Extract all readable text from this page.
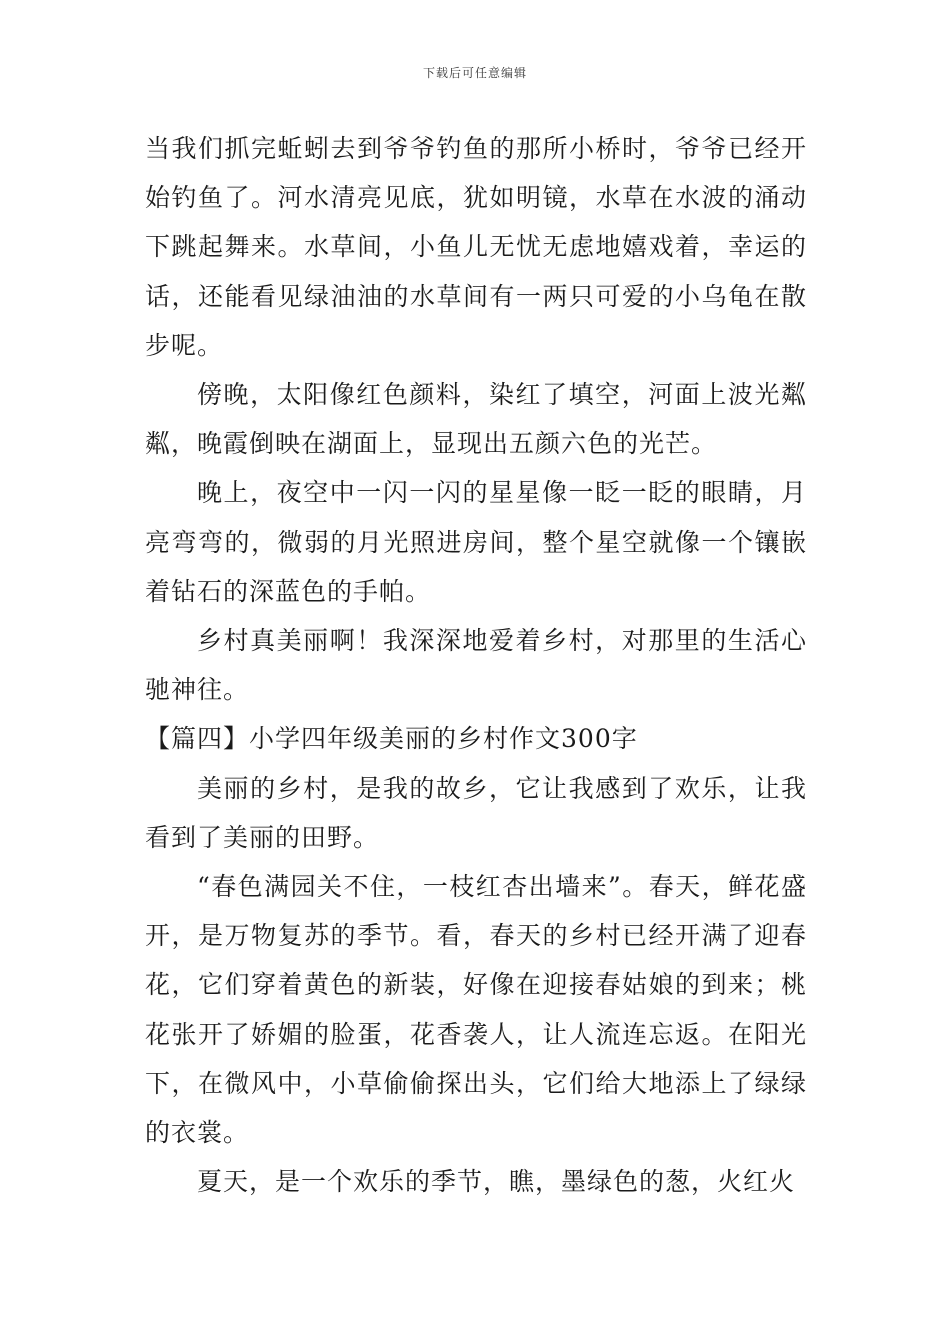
下载后可任意编辑

当我们抓完蚯蚓去到爷爷钓鱼的那所小桥时，爷爷已经开始钓鱼了。河水清亮见底，犹如明镜，水草在水波的涌动下跳起舞来。水草间，小鱼儿无忧无虑地嬉戏着，幸运的话，还能看见绿油油的水草间有一两只可爱的小乌龟在散步呢。

傍晚，太阳像红色颜料，染红了填空，河面上波光粼粼，晚霞倒映在湖面上，显现出五颜六色的光芒。

晚上，夜空中一闪一闪的星星像一眨一眨的眼睛，月亮弯弯的，微弱的月光照进房间，整个星空就像一个镶嵌着钻石的深蓝色的手帕。

乡村真美丽啊！我深深地爱着乡村，对那里的生活心驰神往。

【篇四】小学四年级美丽的乡村作文300字

美丽的乡村，是我的故乡，它让我感到了欢乐，让我看到了美丽的田野。

“春色满园关不住，一枝红杏出墙来”。春天，鲜花盛开，是万物复苏的季节。看，春天的乡村已经开满了迎春花，它们穿着黄色的新装，好像在迎接春姑娘的到来；桃花张开了娇媚的脸蛋，花香袭人，让人流连忘返。在阳光下，在微风中，小草偷偷探出头，它们给大地添上了绿绿的衣裳。

夏天，是一个欢乐的季节，瞧，墨绿色的葱，火红火
